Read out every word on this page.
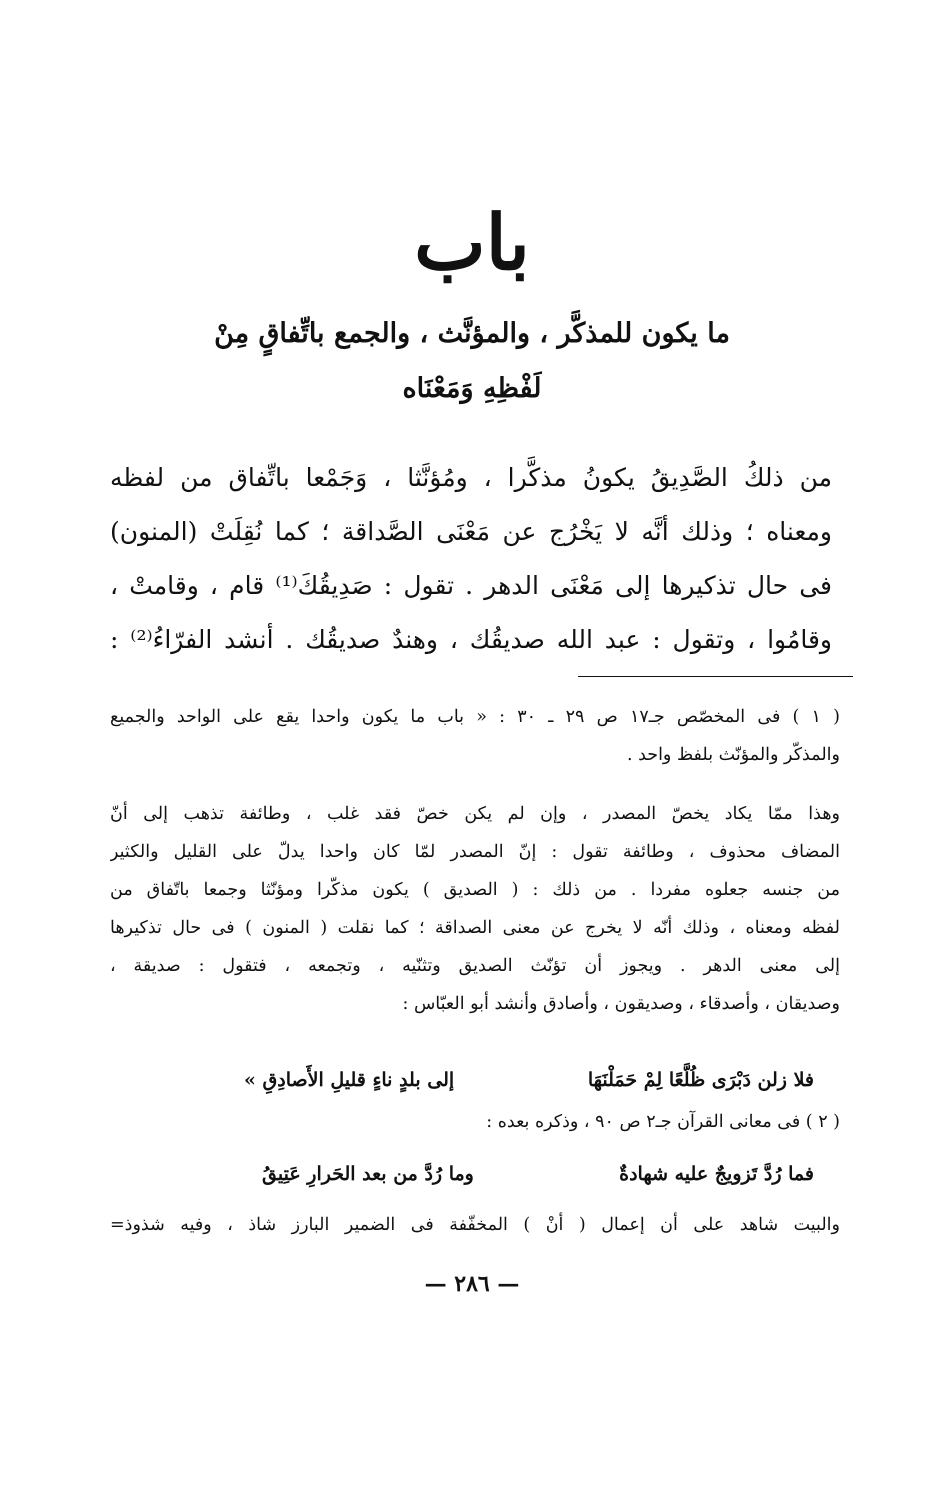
باب
ما يكون للمذكَّر ، والمؤنَّث ، والجمع باتِّفاقٍ مِنْ
لَفْظِهِ وَمَعْنَاه
من ذلكُ الصَّدِيقُ يكونُ مذكَّرا ، ومُؤنَّثا ، وَجَمْعا باتِّفاق من لفظه
ومعناه ؛ وذلك أنَّه لا يَخْرُج عن مَعْنَى الصَّداقة ؛ كما نُقِلَتْ (المنون)
فى حال تذكيرها إلى مَعْنَى الدهر . تقول : صَدِيقُكَ⁽¹⁾ قام ، وقامتْ ،
وقامُوا ، وتقول : عبد الله صديقُك ، وهندٌ صديقُك . أنشد الفرّاءُ⁽²⁾ :
( ١ ) فى المخصّص جـ١٧ ص ٢٩ ـ ٣٠ : « باب ما يكون واحدا يقع على الواحد والجميع
والمذكّر والمؤنّث بلفظ واحد .
وهذا ممّا يكاد يخصّ المصدر ، وإن لم يكن خصّ فقد غلب ، وطائفة تذهب إلى أنّ
المضاف محذوف ، وطائفة تقول : إنّ المصدر لمّا كان واحدا يدلّ على القليل والكثير
من جنسه جعلوه مفردا . من ذلك : ( الصديق ) يكون مذكّرا ومؤنّثا وجمعا باتّفاق من
لفظه ومعناه ، وذلك أنّه لا يخرج عن معنى الصداقة ؛ كما نقلت ( المنون ) فى حال تذكيرها
إلى معنى الدهر . ويجوز أن تؤنّث الصديق وتثنّيه ، وتجمعه ، فتقول : صديقة ،
وصديقان ، وأصدقاء ، وصديقون ، وأصادق وأنشد أبو العبّاس :
فلا زلن دَبْرَى ظُلَّعًا لِمْ حَمَلْنَهَا
إلى بلدٍ ناءٍ قليلِ الأَصادِقِ »
( ٢ ) فى معانى القرآن جـ٢ ص ٩٠ ، وذكره بعده :
فما رُدَّ تَزويجٌ عليه شهادةٌ
وما رُدَّ من بعد الحَرارِ عَتِيقُ
والبيت شاهد على أن إعمال ( أنْ ) المخفّفة فى الضمير البارز شاذ ، وفيه شذوذ=
— ٢٨٦ —
